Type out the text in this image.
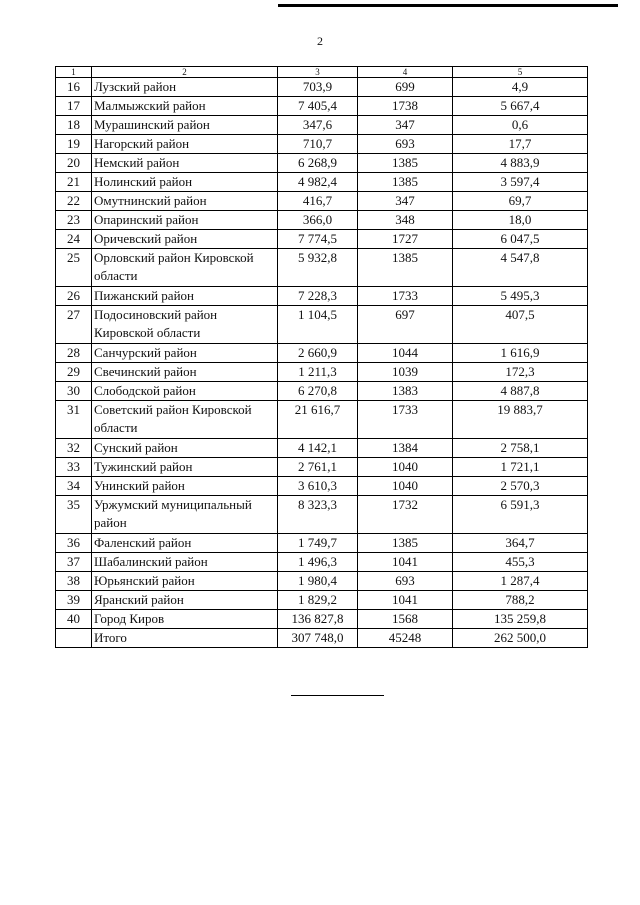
2
1	2	3	4	5
16	Лузский район	703,9	699	4,9
17	Малмыжский район	7 405,4	1738	5 667,4
18	Мурашинский район	347,6	347	0,6
19	Нагорский район	710,7	693	17,7
20	Немский район	6 268,9	1385	4 883,9
21	Нолинский район	4 982,4	1385	3 597,4
22	Омутнинский район	416,7	347	69,7
23	Опаринский район	366,0	348	18,0
24	Оричевский район	7 774,5	1727	6 047,5
25	Орловский район Кировской области	5 932,8	1385	4 547,8
26	Пижанский район	7 228,3	1733	5 495,3
27	Подосиновский район Кировской области	1 104,5	697	407,5
28	Санчурский район	2 660,9	1044	1 616,9
29	Свечинский район	1 211,3	1039	172,3
30	Слободской район	6 270,8	1383	4 887,8
31	Советский район Кировской области	21 616,7	1733	19 883,7
32	Сунский район	4 142,1	1384	2 758,1
33	Тужинский район	2 761,1	1040	1 721,1
34	Унинский район	3 610,3	1040	2 570,3
35	Уржумский муниципальный район	8 323,3	1732	6 591,3
36	Фаленский район	1 749,7	1385	364,7
37	Шабалинский район	1 496,3	1041	455,3
38	Юрьянский район	1 980,4	693	1 287,4
39	Яранский район	1 829,2	1041	788,2
40	Город Киров	136 827,8	1568	135 259,8
	Итого	307 748,0	45248	262 500,0
